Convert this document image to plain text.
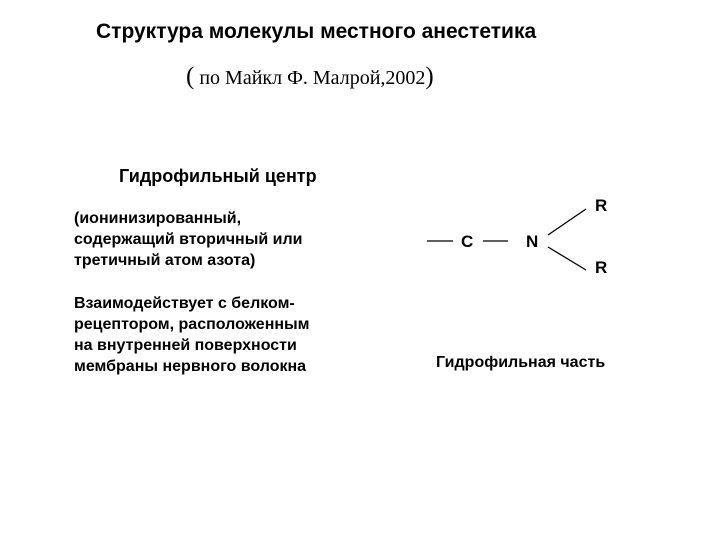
Структура молекулы местного анестетика
( по Майкл Ф. Малрой,2002)
Гидрофильный центр
(ионинизированный,
содержащий вторичный или
третичный атом азота)
Взаимодействует с белком-
рецептором, расположенным
на внутренней поверхности
мембраны нервного волокна
C	N
R
R
Гидрофильная часть
